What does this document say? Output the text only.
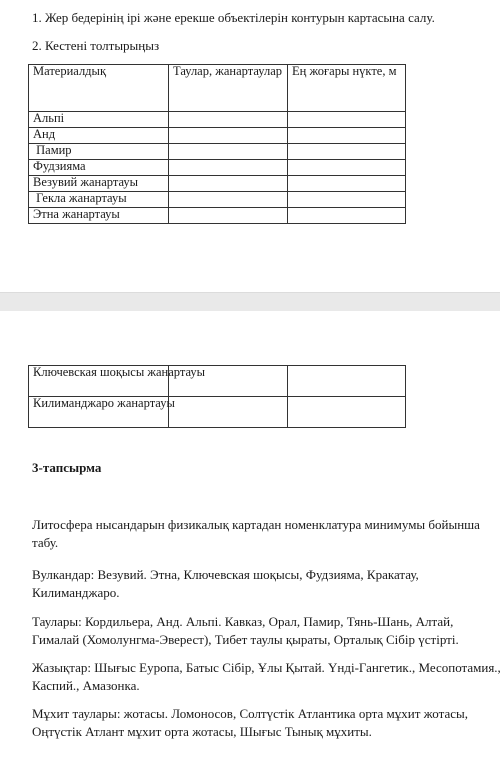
1. Жер бедерінің ірі және ерекше объектілерін контурын картасына салу.
2. Кестені толтырыңыз
Материалдық	Таулар, жанартаулар	Ең жоғары нүкте, м
Альпі		
Анд		
Памир		
Фудзияма		
Везувий жанартауы		
Гекла жанартауы		
Этна жанартауы		
Ключевская шоқысы жанартауы		
Килиманджаро жанартауы		
3-тапсырма
Литосфера нысандарын физикалық картадан номенклатура минимумы бойынша табу.
Вулкандар: Везувий. Этна, Ключевская шоқысы, Фудзияма, Кракатау, Килиманджаро.
Таулары: Кордильера, Анд. Альпі. Кавказ, Орал, Памир, Тянь-Шань, Алтай, Гималай (Хомолунгма-Эверест), Тибет таулы қыраты, Орталық Сібір үстірті.
Жазықтар: Шығыс Еуропа, Батыс Сібір, Ұлы Қытай. Үнді-Гангетик., Месопотамия., Каспий., Амазонка.
Мұхит таулары: жотасы. Ломоносов, Солтүстік Атлантика орта мұхит жотасы, Оңтүстік Атлант мұхит орта жотасы, Шығыс Тынық мұхиты.
